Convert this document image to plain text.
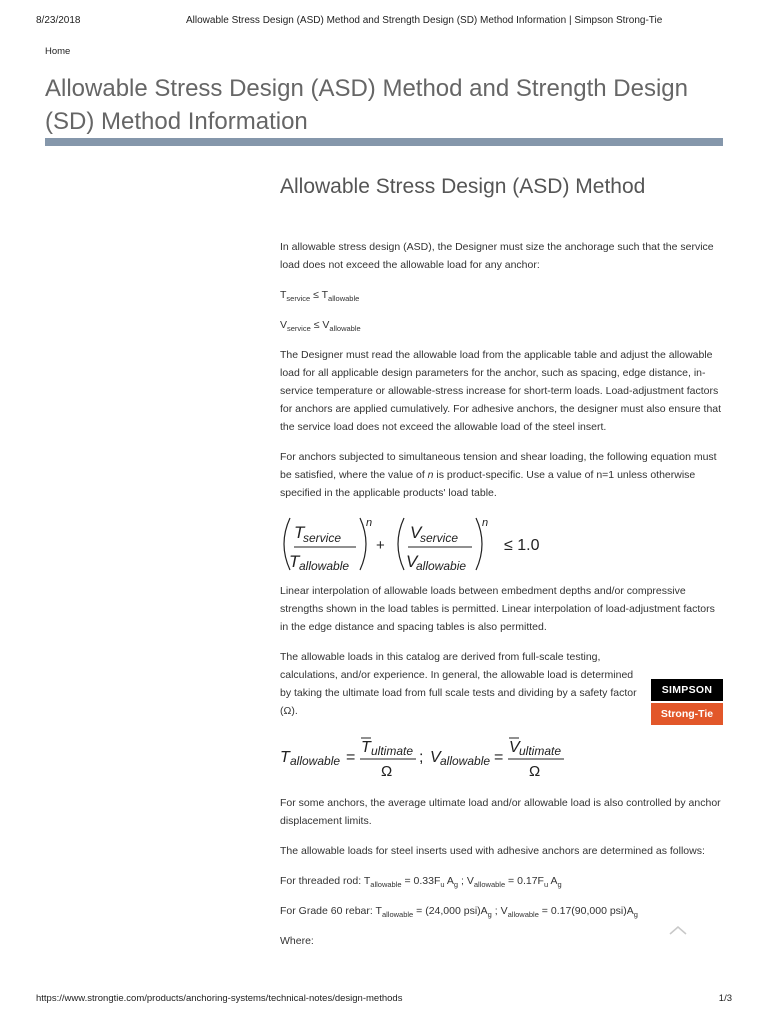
8/23/2018	Allowable Stress Design (ASD) Method and Strength Design (SD) Method Information | Simpson Strong-Tie
Home
Allowable Stress Design (ASD) Method and Strength Design (SD) Method Information
Allowable Stress Design (ASD) Method

In allowable stress design (ASD), the Designer must size the anchorage such that the service load does not exceed the allowable load for any anchor:

$T_{service} \le T_{allowable}$
$V_{service} \le V_{allowable}$

The Designer must read the allowable load from the applicable table and adjust the allowable load for all applicable design parameters for the anchor, such as spacing, edge distance, in-service temperature or allowable-stress increase for short-term loads. Load-adjustment factors for anchors are applied cumulatively. For adhesive anchors, the designer must also ensure that the service load does not exceed the allowable load of the steel insert.

For anchors subjected to simultaneous tension and shear loading, the following equation must be satisfied, where the value of n is product-specific. Use a value of n=1 unless otherwise specified in the applicable products' load table.

T
service
T allowable
n
+
V
service
V
allowabie
n
≤ 1.0

Linear interpolation of allowable loads between embedment depths and/or compressive strengths shown in the load tables is permitted. Linear interpolation of load-adjustment factors in the edge distance and spacing tables is also permitted.

The allowable loads in this catalog are derived from full-scale testing, calculations, and/or experience. In general, the allowable load is determined by taking the ultimate load from full scale tests and dividing by a safety factor (Ω).

T allowable =
T ultimate
Ω
; V allowable =
V ultimate
Ω

For some anchors, the average ultimate load and/or allowable load is also controlled by anchor displacement limits.

The allowable loads for steel inserts used with adhesive anchors are determined as follows:

For threaded rod: $T_{allowable} = 0.33F_u$ $A_g$ ; $V_{allowable} = 0.17F_u$ $A_g$

For Grade 60 rebar: $T_{allowable} = (24,000$ $psi)A_g$ ; $V_{allowable} = 0.17(90,000$ $psi)A_g$

Where:

SIMPSON
Strong-Tie
https://www.strongtie.com/products/anchoring-systems/technical-notes/design-methods	1/3
